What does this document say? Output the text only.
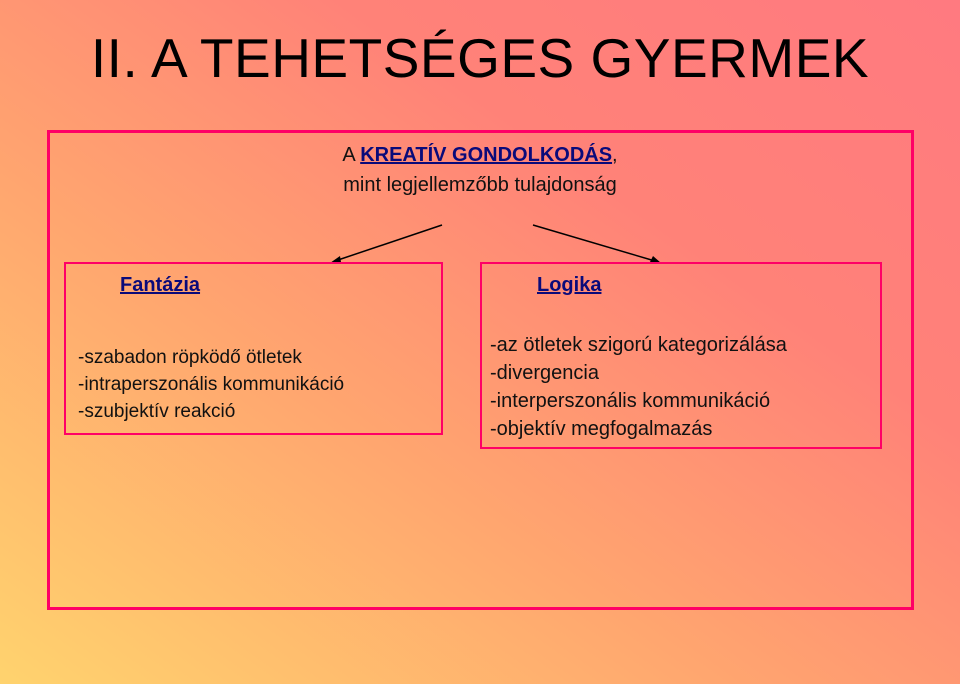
II. A TEHETSÉGES GYERMEK
A KREATÍV GONDOLKODÁS,
mint legjellemzőbb tulajdonság
Fantázia
-szabadon röpködő ötletek
-intraperszonális kommunikáció
-szubjektív reakció
Logika
-az ötletek szigorú kategorizálása
-divergencia
-interperszonális kommunikáció
-objektív megfogalmazás
